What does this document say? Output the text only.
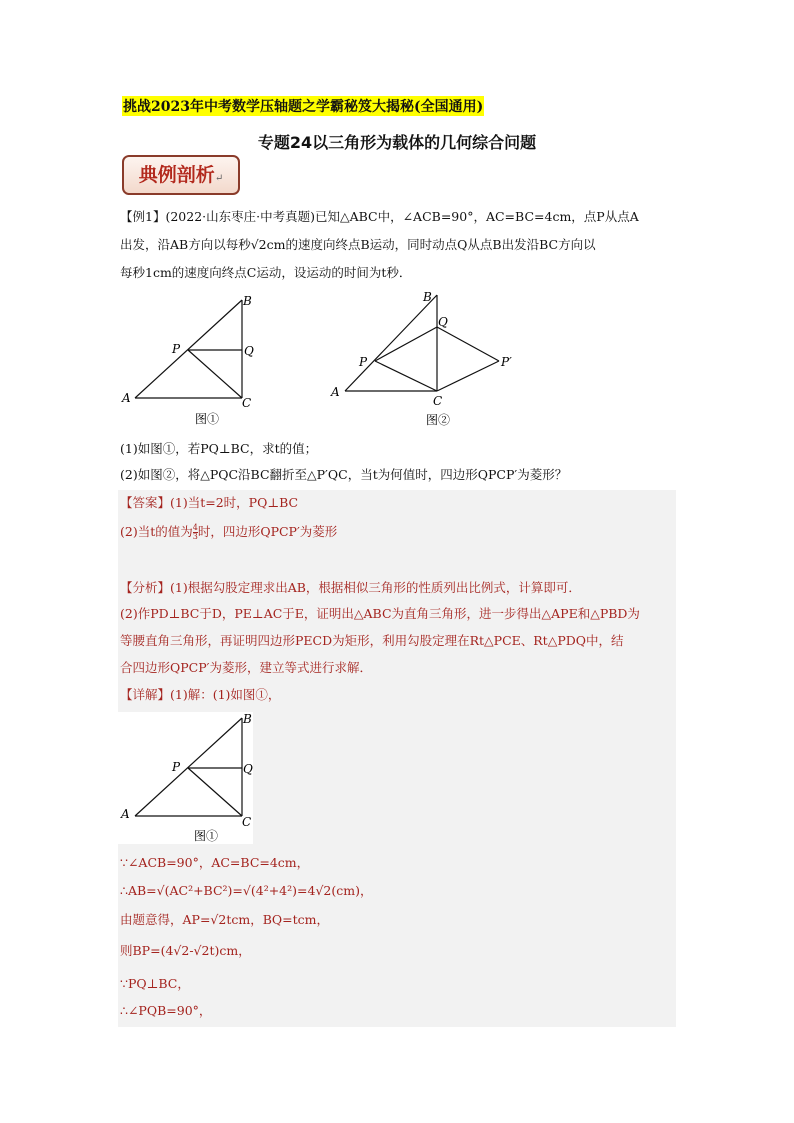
挑战2023年中考数学压轴题之学霸秘笈大揭秘(全国通用)
专题24以三角形为载体的几何综合问题
典例剖析↵
【例1】(2022·山东枣庄·中考真题)已知△ABC中，∠ACB=90°，AC=BC=4cm，点P从点A
出发，沿AB方向以每秒√2cm的速度向终点B运动，同时动点Q从点B出发沿BC方向以
每秒1cm的速度向终点C运动，设运动的时间为t秒．
A
B
C
P	Q
图①
A
B
C
P
Q
P′
图②
(1)如图①，若PQ⊥BC，求t的值；
(2)如图②，将△PQC沿BC翻折至△P′QC，当t为何值时，四边形QPCP′为菱形？
【答案】(1)当t=2时，PQ⊥BC
(2)当t的值为 $\frac{4}{3}$ 时，四边形QPCP′为菱形
【分析】(1)根据勾股定理求出AB，根据相似三角形的性质列出比例式，计算即可．
(2)作PD⊥BC于D，PE⊥AC于E，证明出△ABC为直角三角形，进一步得出△APE和△PBD为
等腰直角三角形，再证明四边形PECD为矩形，利用勾股定理在Rt△PCE、Rt△PDQ中，结
合四边形QPCP′为菱形，建立等式进行求解．
【详解】(1)解：(1)如图①，
A
B
C
P	Q
图①
∵∠ACB=90°，AC=BC=4cm，
∴AB=√(AC²+BC²)=√(4²+4²)=4√2(cm)，
由题意得，AP=√2tcm，BQ=tcm，
则BP=(4√2-√2t)cm，
∵PQ⊥BC，
∴∠PQB=90°，
